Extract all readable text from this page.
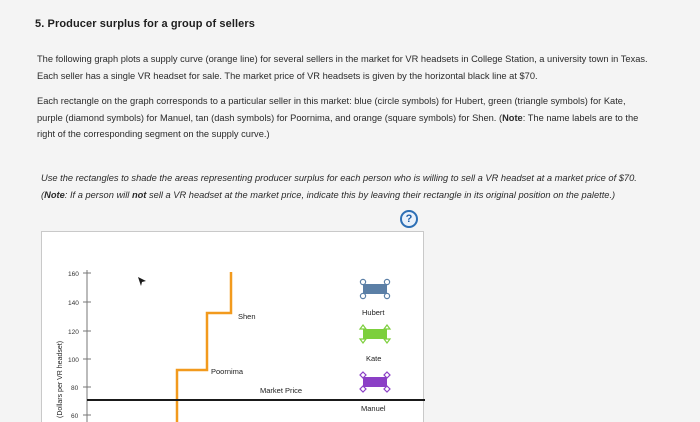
5. Producer surplus for a group of sellers
The following graph plots a supply curve (orange line) for several sellers in the market for VR headsets in College Station, a university town in Texas.
Each seller has a single VR headset for sale. The market price of VR headsets is given by the horizontal black line at $70.
Each rectangle on the graph corresponds to a particular seller in this market: blue (circle symbols) for Hubert, green (triangle symbols) for Kate,
purple (diamond symbols) for Manuel, tan (dash symbols) for Poornima, and orange (square symbols) for Shen. (Note: The name labels are to the
right of the corresponding segment on the supply curve.)
Use the rectangles to shade the areas representing producer surplus for each person who is willing to sell a VR headset at a market price of $70.
(Note: If a person will not sell a VR headset at the market price, indicate this by leaving their rectangle in its original position on the palette.)
?
(Dollars per VR headset)
160
140
120
100
80
60
Shen
Poornima
Market Price
Hubert
Kate
Manuel
